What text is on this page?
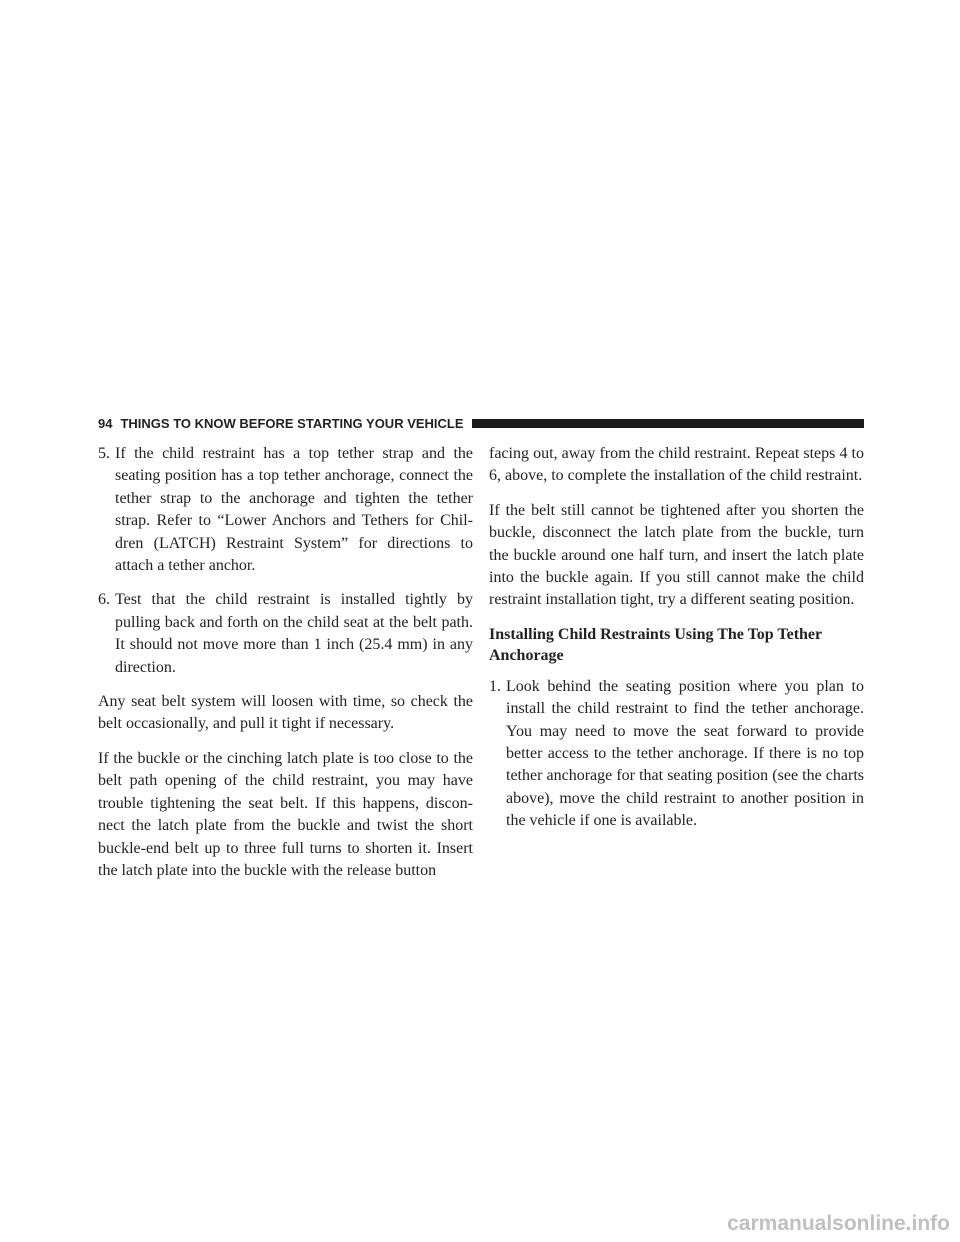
94 THINGS TO KNOW BEFORE STARTING YOUR VEHICLE
5. If the child restraint has a top tether strap and the seating position has a top tether anchorage, connect the tether strap to the anchorage and tighten the tether strap. Refer to “Lower Anchors and Tethers for Chil- dren (LATCH) Restraint System” for directions to attach a tether anchor.
6. Test that the child restraint is installed tightly by pulling back and forth on the child seat at the belt path. It should not move more than 1 inch (25.4 mm) in any direction.

Any seat belt system will loosen with time, so check the belt occasionally, and pull it tight if necessary.

If the buckle or the cinching latch plate is too close to the belt path opening of the child restraint, you may have trouble tightening the seat belt. If this happens, discon- nect the latch plate from the buckle and twist the short buckle-end belt up to three full turns to shorten it. Insert the latch plate into the buckle with the release button

facing out, away from the child restraint. Repeat steps 4 to 6, above, to complete the installation of the child restraint.

If the belt still cannot be tightened after you shorten the buckle, disconnect the latch plate from the buckle, turn the buckle around one half turn, and insert the latch plate into the buckle again. If you still cannot make the child restraint installation tight, try a different seating position.

Installing Child Restraints Using The Top Tether Anchorage
1. Look behind the seating position where you plan to install the child restraint to find the tether anchorage. You may need to move the seat forward to provide better access to the tether anchorage. If there is no top tether anchorage for that seating position (see the charts above), move the child restraint to another position in the vehicle if one is available.
carmanualsonline.info
